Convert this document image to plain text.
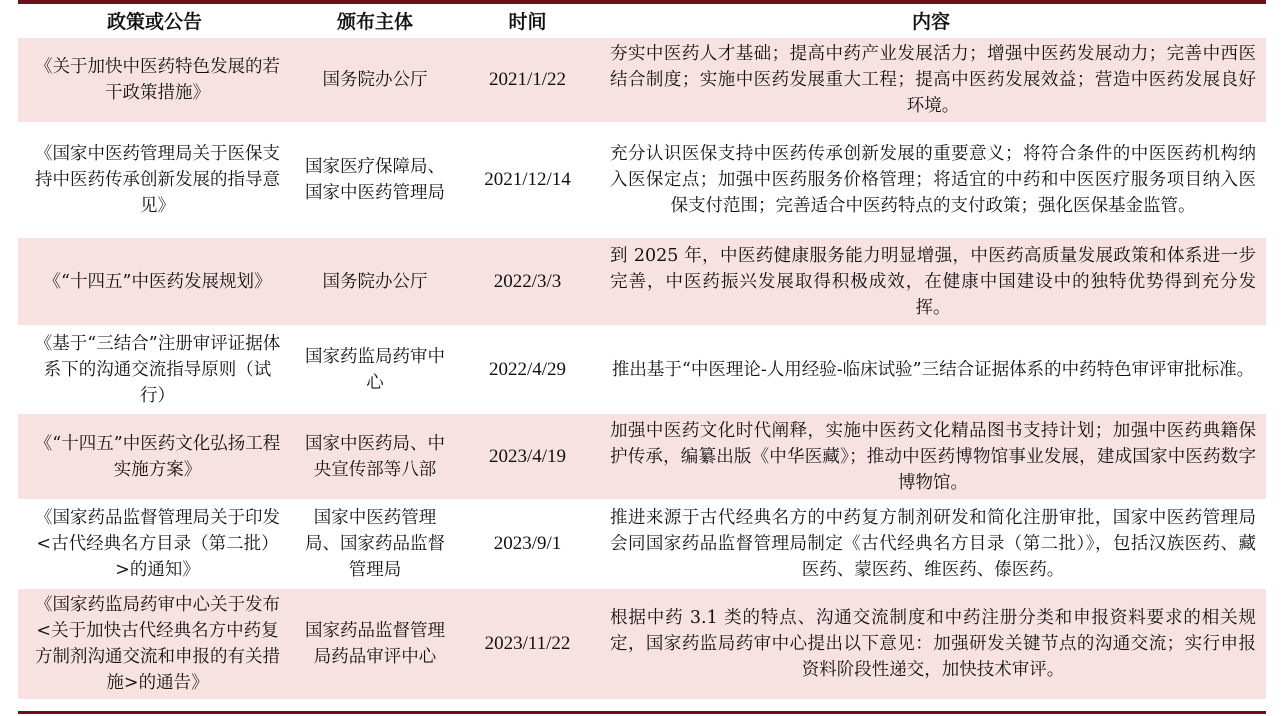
政策或公告	颁布主体	时间	内容
《关于加快中医药特色发展的若干政策措施》	国务院办公厅	2021/1/22	夯实中医药人才基础；提高中药产业发展活力；增强中医药发展动力；完善中西医结合制度；实施中医药发展重大工程；提高中医药发展效益；营造中医药发展良好环境。
《国家中医药管理局关于医保支持中医药传承创新发展的指导意见》	国家医疗保障局、国家中医药管理局	2021/12/14	充分认识医保支持中医药传承创新发展的重要意义；将符合条件的中医医药机构纳入医保定点；加强中医药服务价格管理；将适宜的中药和中医医疗服务项目纳入医保支付范围；完善适合中医药特点的支付政策；强化医保基金监管。
《“十四五”中医药发展规划》	国务院办公厅	2022/3/3	到 2025 年，中医药健康服务能力明显增强，中医药高质量发展政策和体系进一步完善，中医药振兴发展取得积极成效，在健康中国建设中的独特优势得到充分发挥。
《基于“三结合”注册审评证据体系下的沟通交流指导原则（试行）	国家药监局药审中心	2022/4/29	推出基于“中医理论-人用经验-临床试验”三结合证据体系的中药特色审评审批标准。
《“十四五”中医药文化弘扬工程实施方案》	国家中医药局、中央宣传部等八部	2023/4/19	加强中医药文化时代阐释，实施中医药文化精品图书支持计划；加强中医药典籍保护传承，编纂出版《中华医藏》；推动中医药博物馆事业发展，建成国家中医药数字博物馆。
《国家药品监督管理局关于印发<古代经典名方目录（第二批）>的通知》	国家中医药管理局、国家药品监督管理局	2023/9/1	推进来源于古代经典名方的中药复方制剂研发和简化注册审批，国家中医药管理局会同国家药品监督管理局制定《古代经典名方目录（第二批）》，包括汉族医药、藏医药、蒙医药、维医药、傣医药。
《国家药监局药审中心关于发布<关于加快古代经典名方中药复方制剂沟通交流和申报的有关措施>的通告》	国家药品监督管理局药品审评中心	2023/11/22	根据中药 3.1 类的特点、沟通交流制度和中药注册分类和申报资料要求的相关规定，国家药监局药审中心提出以下意见：加强研发关键节点的沟通交流；实行申报资料阶段性递交，加快技术审评。
